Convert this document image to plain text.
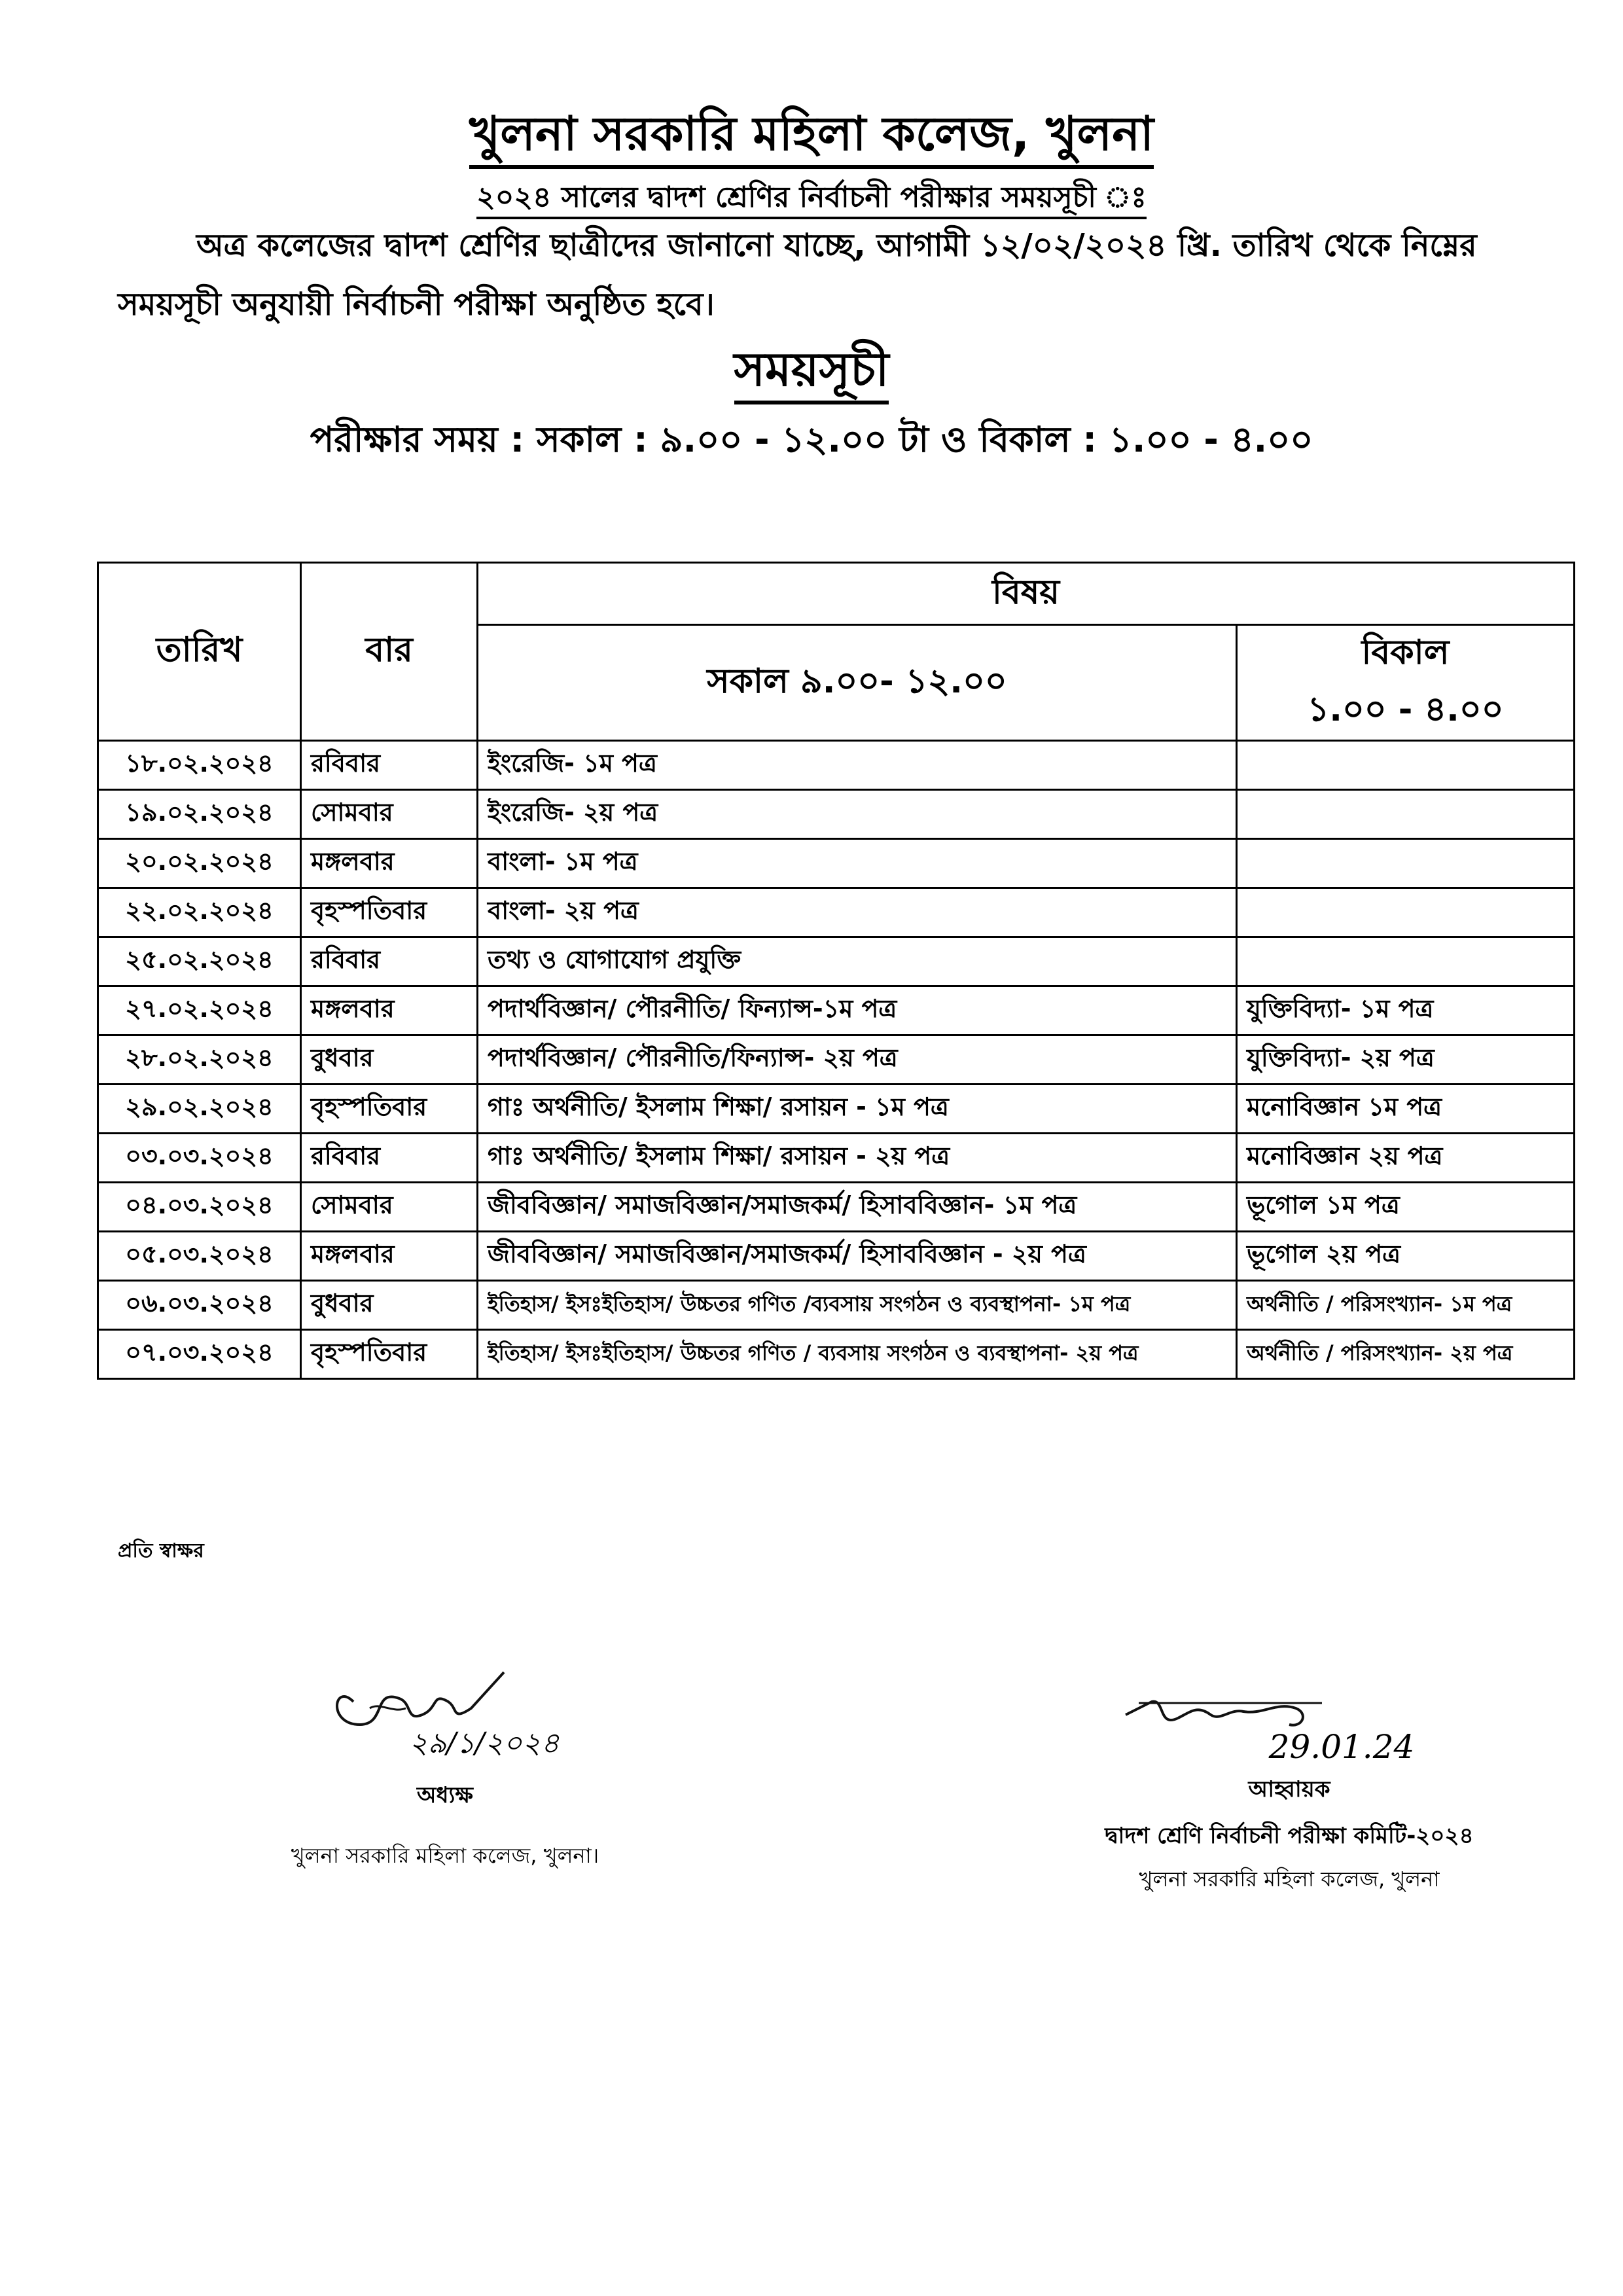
খুলনা সরকারি মহিলা কলেজ, খুলনা
২০২৪ সালের দ্বাদশ শ্রেণির নির্বাচনী পরীক্ষার সময়সূচী ঃ
অত্র কলেজের দ্বাদশ শ্রেণির ছাত্রীদের জানানো যাচ্ছে, আগামী ১২/০২/২০২৪ খ্রি. তারিখ থেকে নিম্নের সময়সূচী অনুযায়ী নির্বাচনী পরীক্ষা অনুষ্ঠিত হবে।
সময়সূচী
পরীক্ষার সময় : সকাল : ৯.০০ - ১২.০০ টা ও বিকাল : ১.০০ - ৪.০০
তারিখ	বার	বিষয়	
		সকাল ৯.০০- ১২.০০	বিকাল
১.০০ - ৪.০০

১৮.০২.২০২৪	রবিবার	ইংরেজি- ১ম পত্র	
১৯.০২.২০২৪	সোমবার	ইংরেজি- ২য় পত্র	
২০.০২.২০২৪	মঙ্গলবার	বাংলা- ১ম পত্র	
২২.০২.২০২৪	বৃহস্পতিবার	বাংলা- ২য় পত্র	
২৫.০২.২০২৪	রবিবার	তথ্য ও যোগাযোগ প্রযুক্তি	
২৭.০২.২০২৪	মঙ্গলবার	পদার্থবিজ্ঞান/ পৌরনীতি/ ফিন্যান্স-১ম পত্র	যুক্তিবিদ্যা- ১ম পত্র
২৮.০২.২০২৪	বুধবার	পদার্থবিজ্ঞান/ পৌরনীতি/ফিন্যান্স- ২য় পত্র	যুক্তিবিদ্যা- ২য় পত্র
২৯.০২.২০২৪	বৃহস্পতিবার	গাঃ অর্থনীতি/ ইসলাম শিক্ষা/ রসায়ন - ১ম পত্র	মনোবিজ্ঞান ১ম পত্র
০৩.০৩.২০২৪	রবিবার	গাঃ অর্থনীতি/ ইসলাম শিক্ষা/ রসায়ন - ২য় পত্র	মনোবিজ্ঞান ২য় পত্র
০৪.০৩.২০২৪	সোমবার	জীববিজ্ঞান/ সমাজবিজ্ঞান/সমাজকর্ম/ হিসাববিজ্ঞান- ১ম পত্র	ভূগোল ১ম পত্র
০৫.০৩.২০২৪	মঙ্গলবার	জীববিজ্ঞান/ সমাজবিজ্ঞান/সমাজকর্ম/ হিসাববিজ্ঞান - ২য় পত্র	ভূগোল ২য় পত্র
০৬.০৩.২০২৪	বুধবার	ইতিহাস/ ইসঃইতিহাস/ উচ্চতর গণিত /ব্যবসায় সংগঠন ও ব্যবস্থাপনা- ১ম পত্র	অর্থনীতি / পরিসংখ্যান- ১ম পত্র
০৭.০৩.২০২৪	বৃহস্পতিবার	ইতিহাস/ ইসঃইতিহাস/ উচ্চতর গণিত / ব্যবসায় সংগঠন ও ব্যবস্থাপনা- ২য় পত্র	অর্থনীতি / পরিসংখ্যান- ২য় পত্র
প্রতি স্বাক্ষর
২৯/১/২০২৪
অধ্যক্ষ
খুলনা সরকারি মহিলা কলেজ, খুলনা।
29.01.24
আহ্বায়ক
দ্বাদশ শ্রেণি নির্বাচনী পরীক্ষা কমিটি-২০২৪
খুলনা সরকারি মহিলা কলেজ, খুলনা
